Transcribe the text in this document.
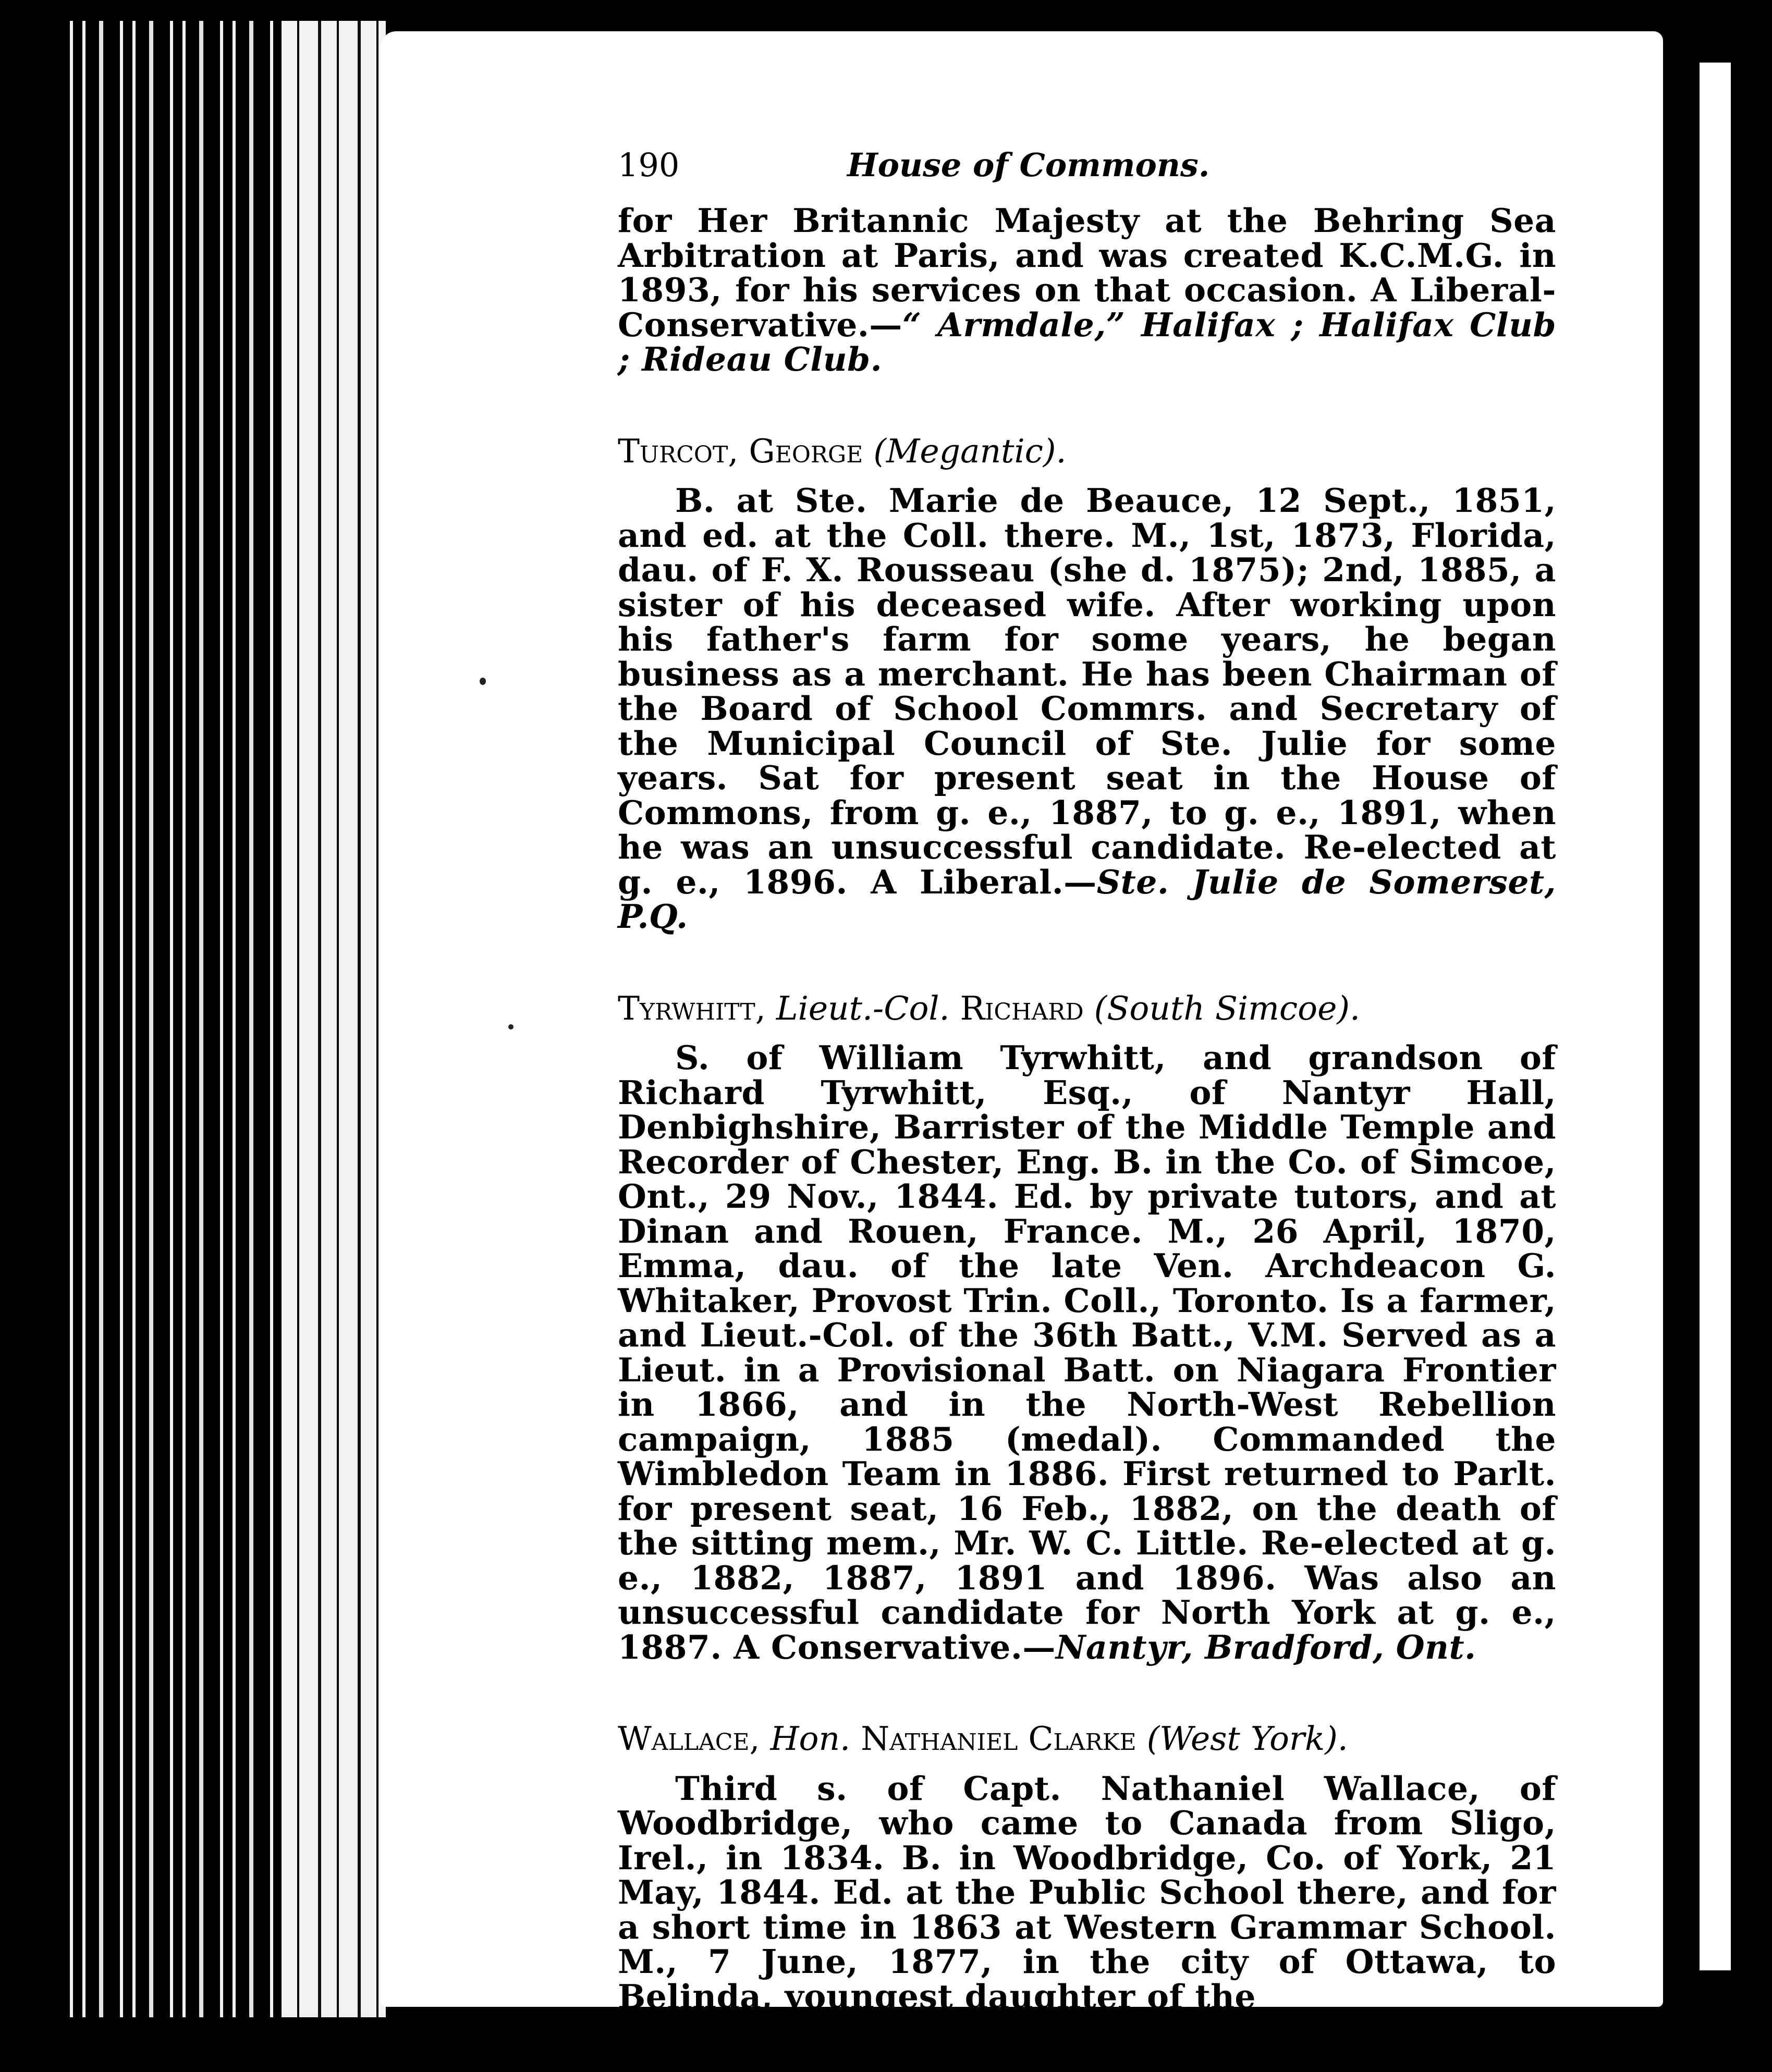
190	House of Commons.

for Her Britannic Majesty at the Behring Sea Arbitration at Paris, and was created K.C.M.G. in 1893, for his services on that occasion. A Liberal-Conservative.—“ Armdale,” Halifax ; Halifax Club ; Rideau Club.

Turcot, George (Megantic).

B. at Ste. Marie de Beauce, 12 Sept., 1851, and ed. at the Coll. there. M., 1st, 1873, Florida, dau. of F. X. Rousseau (she d. 1875); 2nd, 1885, a sister of his deceased wife. After working upon his father's farm for some years, he began business as a merchant. He has been Chairman of the Board of School Commrs. and Secretary of the Municipal Council of Ste. Julie for some years. Sat for present seat in the House of Commons, from g. e., 1887, to g. e., 1891, when he was an unsuccessful candidate. Re-elected at g. e., 1896. A Liberal.—Ste. Julie de Somerset, P.Q.

Tyrwhitt, Lieut.-Col. Richard (South Simcoe).

S. of William Tyrwhitt, and grandson of Richard Tyrwhitt, Esq., of Nantyr Hall, Denbighshire, Barrister of the Middle Temple and Recorder of Chester, Eng. B. in the Co. of Simcoe, Ont., 29 Nov., 1844. Ed. by private tutors, and at Dinan and Rouen, France. M., 26 April, 1870, Emma, dau. of the late Ven. Archdeacon G. Whitaker, Provost Trin. Coll., Toronto. Is a farmer, and Lieut.-Col. of the 36th Batt., V.M. Served as a Lieut. in a Provisional Batt. on Niagara Frontier in 1866, and in the North-West Rebellion campaign, 1885 (medal). Commanded the Wimbledon Team in 1886. First returned to Parlt. for present seat, 16 Feb., 1882, on the death of the sitting mem., Mr. W. C. Little. Re-elected at g. e., 1882, 1887, 1891 and 1896. Was also an unsuccessful candidate for North York at g. e., 1887. A Conservative.—Nantyr, Bradford, Ont.

Wallace, Hon. Nathaniel Clarke (West York).

Third s. of Capt. Nathaniel Wallace, of Woodbridge, who came to Canada from Sligo, Irel., in 1834. B. in Woodbridge, Co. of York, 21 May, 1844. Ed. at the Public School there, and for a short time in 1863 at Western Grammar School. M., 7 June, 1877, in the city of Ottawa, to Belinda, youngest daughter of the
